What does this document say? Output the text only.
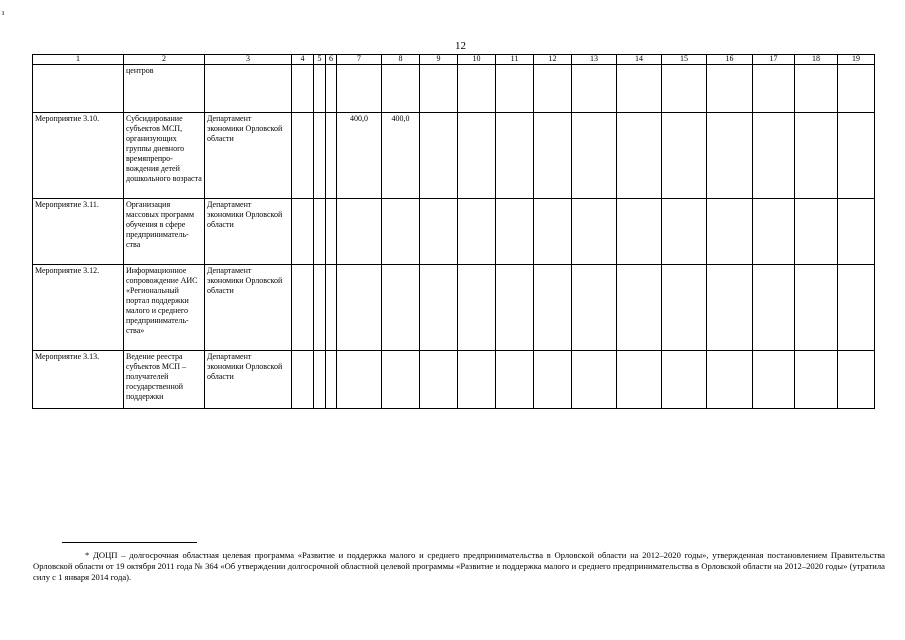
ı
12
1	2	3	4	5	6	7	8	9	10	11	12	13	14	15	16	17	18	19
	центров																	
Мероприятие 3.10.	Субсидирование субъектов МСП, организующих группы дневного времяпрепро-вождения детей дошкольного возраста	Департамент экономики Орловской области				400,0	400,0											
Мероприятие 3.11.	Организация массовых программ обучения в сфере предприниматель-ства	Департамент экономики Орловской области																
Мероприятие 3.12.	Информационное сопровождение АИС «Региональный портал поддержки малого и среднего предприниматель-ства»	Департамент экономики Орловской области																
Мероприятие 3.13.	Ведение реестра субъектов МСП – получателей государственной поддержки	Департамент экономики Орловской области																

* ДОЦП – долгосрочная областная целевая программа «Развитие и поддержка малого и среднего предпринимательства в Орловской области на 2012–2020 годы», утвержденная постановлением Правительства Орловской области от 19 октября 2011 года № 364 «Об утверждении долгосрочной областной целевой программы «Развитие и поддержка малого и среднего предпринимательства в Орловской области на 2012–2020 годы» (утратила силу с 1 января 2014 года).
